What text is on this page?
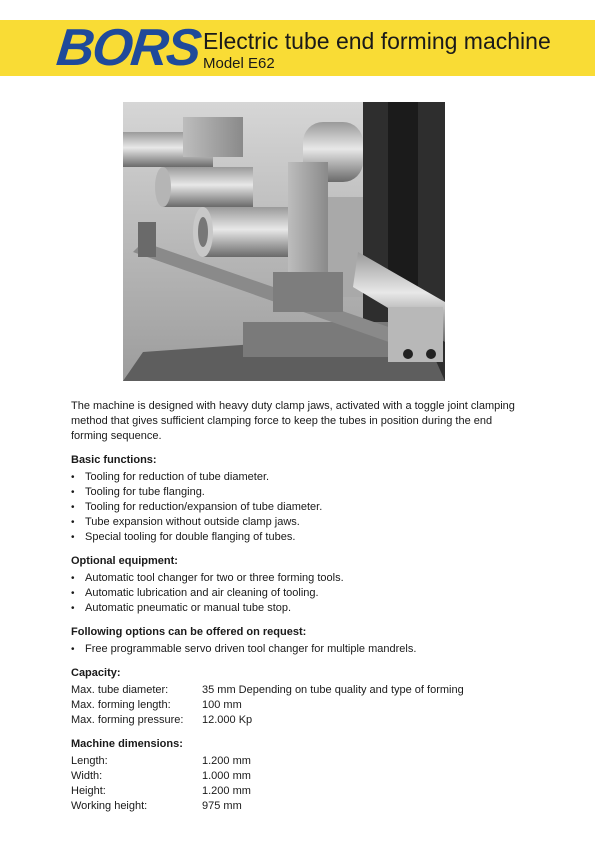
BORS Electric tube end forming machine
Model E62

The machine is designed with heavy duty clamp jaws, activated with a toggle joint clamping method that gives sufficient clamping force to keep the tubes in position during the end forming sequence.

Basic functions:
• Tooling for reduction of tube diameter.
• Tooling for tube flanging.
• Tooling for reduction/expansion of tube diameter.
• Tube expansion without outside clamp jaws.
• Special tooling for double flanging of tubes.
Optional equipment:
• Automatic tool changer for two or three forming tools.
• Automatic lubrication and air cleaning of tooling.
• Automatic pneumatic or manual tube stop.
Following options can be offered on request:
• Free programmable servo driven tool changer for multiple mandrels.
Capacity:
Max. tube diameter:	35 mm Depending on tube quality and type of forming
Max. forming length:	100 mm
Max. forming pressure:	12.000 Kp
Machine dimensions:
Length:	1.200 mm
Width:	1.000 mm
Height:	1.200 mm
Working height:	975 mm
